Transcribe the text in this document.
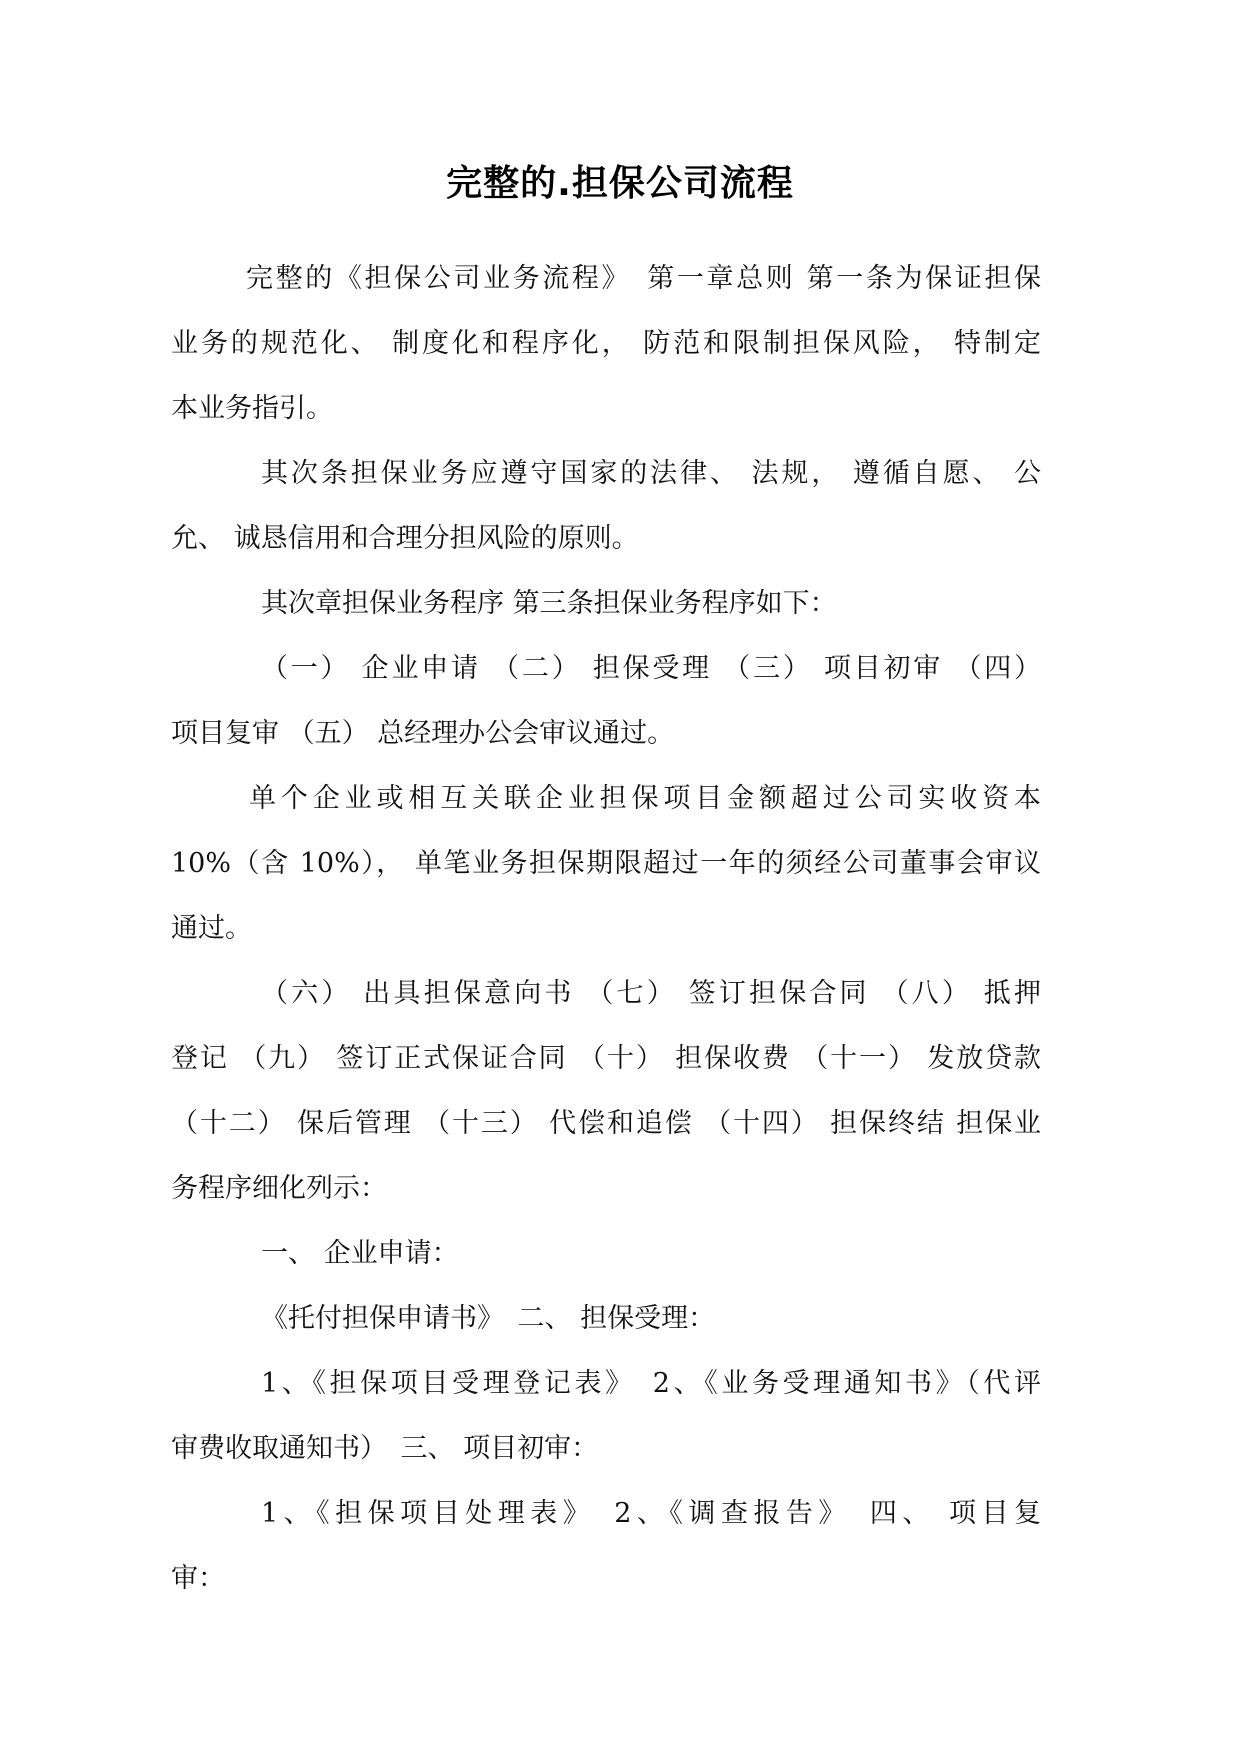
完整的.担保公司流程
完整的《担保公司业务流程》　第一章总则 第一条为保证担保
业务的规范化、 制度化和程序化， 防范和限制担保风险， 特制定
本业务指引。
其次条担保业务应遵守国家的法律、 法规， 遵循自愿、 公
允、 诚恳信用和合理分担风险的原则。
其次章担保业务程序 第三条担保业务程序如下：
（一） 企业申请 （二） 担保受理 （三） 项目初审 （四）
项目复审 （五） 总经理办公会审议通过。
单个企业或相互关联企业担保项目金额超过公司实收资本
10%（含 10%）， 单笔业务担保期限超过一年的须经公司董事会审议
通过。
（六） 出具担保意向书 （七） 签订担保合同 （八） 抵押
登记 （九） 签订正式保证合同 （十） 担保收费 （十一） 发放贷款
（十二） 保后管理 （十三） 代偿和追偿 （十四） 担保终结 担保业
务程序细化列示：
一、 企业申请：
《托付担保申请书》　二、 担保受理：
1、《担保项目受理登记表》　2、《业务受理通知书》（代评
审费收取通知书）　三、 项目初审：
1、《担保项目处理表》　2、《调查报告》　四、 项目复
审：
